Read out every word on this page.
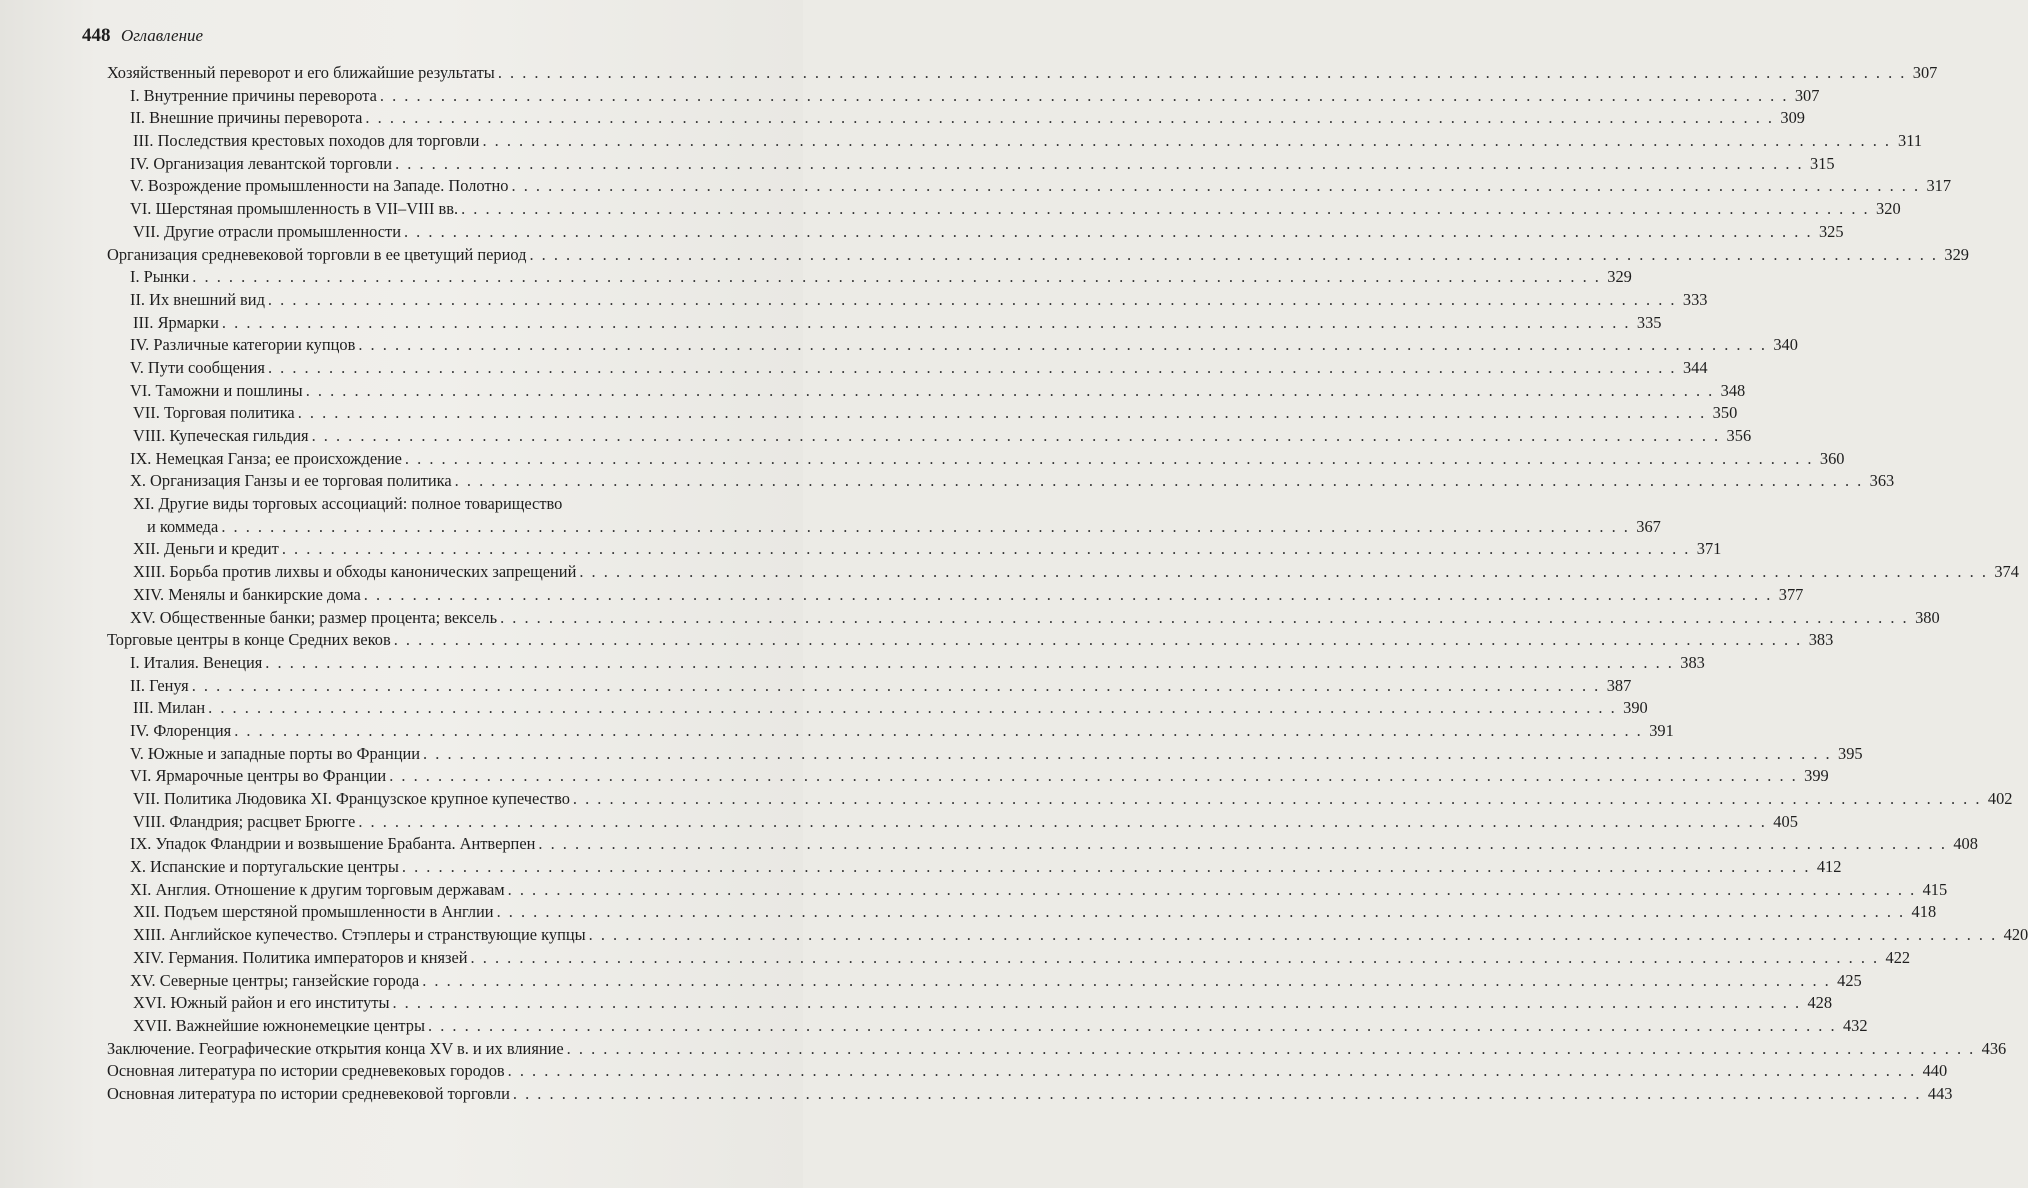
448 Оглавление
Хозяйственный переворот и его ближайшие результаты . . .	307
I. Внутренние причины переворота . . .	307
II. Внешние причины переворота . . .	309
III. Последствия крестовых походов для торговли . . .	311
IV. Организация левантской торговли . . .	315
V. Возрождение промышленности на Западе. Полотно . . .	317
VI. Шерстяная промышленность в VII–VIII вв. . . .	320
VII. Другие отрасли промышленности . . .	325
Организация средневековой торговли в ее цветущий период . . .	329
I. Рынки . . .	329
II. Их внешний вид . . .	333
III. Ярмарки . . .	335
IV. Различные категории купцов . . .	340
V. Пути сообщения . . .	344
VI. Таможни и пошлины . . .	348
VII. Торговая политика . . .	350
VIII. Купеческая гильдия . . .	356
IX. Немецкая Ганза; ее происхождение . . .	360
X. Организация Ганзы и ее торговая политика . . .	363
XI. Другие виды торговых ассоциаций: полное товарищество
и коммеда . . .	367
XII. Деньги и кредит . . .	371
XIII. Борьба против лихвы и обходы канонических запрещений . . .	374
XIV. Менялы и банкирские дома . . .	377
XV. Общественные банки; размер процента; вексель . . .	380
Торговые центры в конце Средних веков . . .	383
I. Италия. Венеция . . .	383
II. Генуя . . .	387
III. Милан . . .	390
IV. Флоренция . . .	391
V. Южные и западные порты во Франции . . .	395
VI. Ярмарочные центры во Франции . . .	399
VII. Политика Людовика XI. Французское крупное купечество . . .	402
VIII. Фландрия; расцвет Брюгге . . .	405
IX. Упадок Фландрии и возвышение Брабанта. Антверпен . . .	408
X. Испанские и португальские центры . . .	412
XI. Англия. Отношение к другим торговым державам . . .	415
XII. Подъем шерстяной промышленности в Англии . . .	418
XIII. Английское купечество. Стэплеры и странствующие купцы . . .	420
XIV. Германия. Политика императоров и князей . . .	422
XV. Северные центры; ганзейские города . . .	425
XVI. Южный район и его институты . . .	428
XVII. Важнейшие южнонемецкие центры . . .	432
Заключение. Географические открытия конца XV в. и их влияние . . .	436
Основная литература по истории средневековых городов . . .	440
Основная литература по истории средневековой торговли . . .	443
